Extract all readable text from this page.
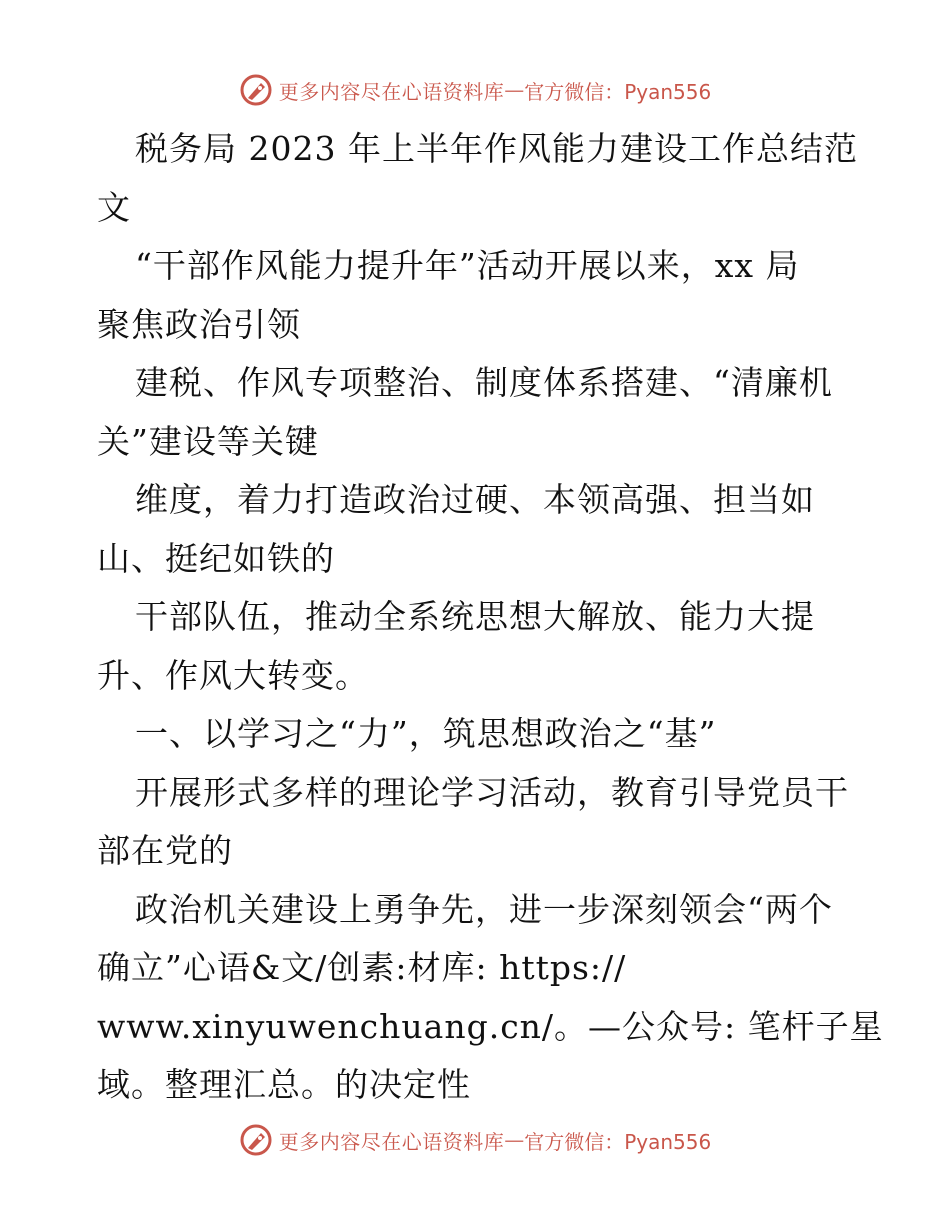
更多内容尽在心语资料库 — 官方微信：Pyan556
税务局 2023 年上半年作风能力建设工作总结范
文
“干部作风能力提升年”活动开展以来，xx 局
聚焦政治引领
建税、作风专项整治、制度体系搭建、“清廉机
关”建设等关键
维度，着力打造政治过硬、本领高强、担当如
山、挺纪如铁的
干部队伍，推动全系统思想大解放、能力大提
升、作风大转变。
一、以学习之“力”，筑思想政治之“基”
开展形式多样的理论学习活动，教育引导党员干
部在党的
政治机关建设上勇争先，进一步深刻领会“两个
确立”心语&文/创素:材库: https://
www.xinyuwenchuang.cn/。—公众号: 笔杆子星
域。整理汇总。的决定性
更多内容尽在心语资料库 — 官方微信：Pyan556
